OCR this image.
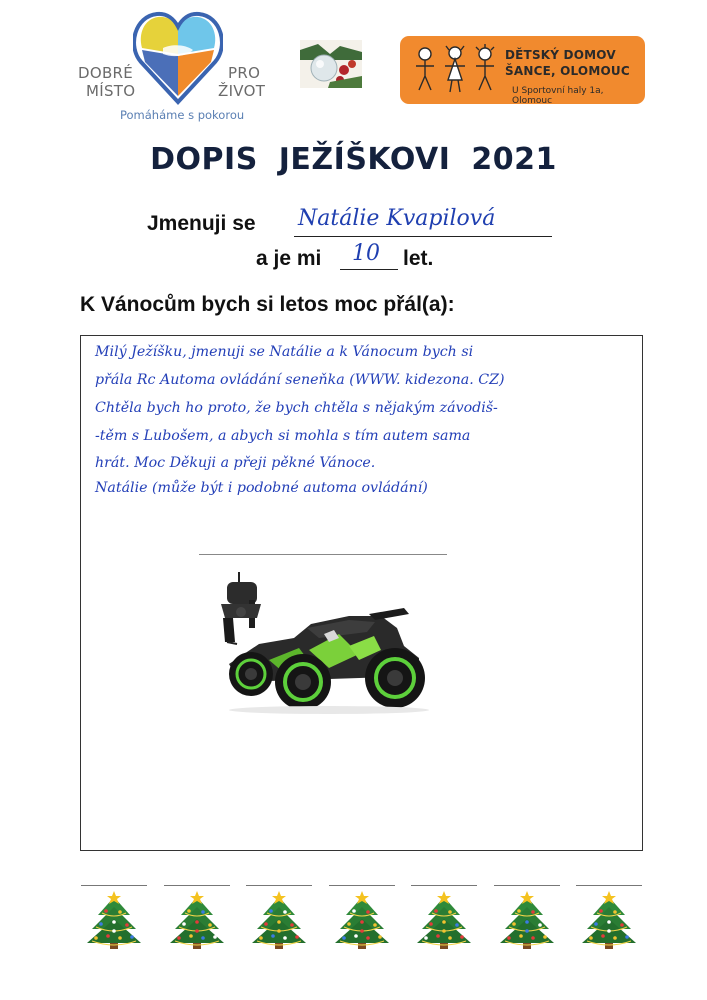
DOBRÉ	PRO
MÍSTO	ŽIVOT
Pomáháme s pokorou
DĚTSKÝ DOMOV
ŠANCE, OLOMOUC
U Sportovní haly 1a, Olomouc
DOPIS JEŽÍŠKOVI 2021
Jmenuji se Natálie Kvapilová
a je mi 10 let.
K Vánocům bych si letos moc přál(a):
Milý Ježíšku, jmenuji se Natálie a k Vánocum bych si
přála Rc Automa ovládání seneňka (WWW. kidezona. CZ)
Chtěla bych ho proto, že bych chtěla s nějakým závodiš-
-těm s Lubošem, a abych si mohla s tím autem sama
hrát. Moc Děkuji a přeji pěkné Vánoce.
Natálie (může být i podobné automa ovládání)
